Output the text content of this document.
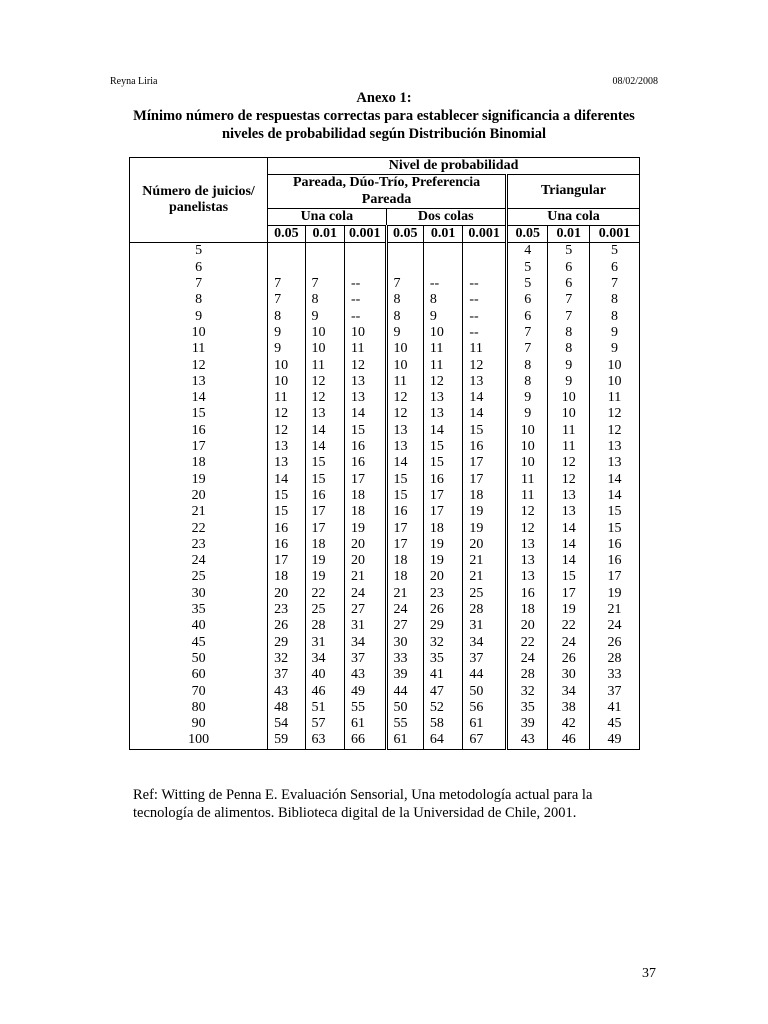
Reyna Liria	08/02/2008
Anexo 1:
Mínimo número de respuestas correctas para establecer significancia a diferentes
niveles de probabilidad según Distribución Binomial
Número de juicios/ panelistas	Nivel de probabilidad								
	Pareada, Dúo-Trío, Preferencia Pareada						Triangular		
	Una cola			Dos colas			Una cola		
	0.05	0.01	0.001	0.05	0.01	0.001	0.05	0.01	0.001
5							4	5	5
6							5	6	6
7	7	7	--	7	--	--	5	6	7
8	7	8	--	8	8	--	6	7	8
9	8	9	--	8	9	--	6	7	8
10	9	10	10	9	10	--	7	8	9
11	9	10	11	10	11	11	7	8	9
12	10	11	12	10	11	12	8	9	10
13	10	12	13	11	12	13	8	9	10
14	11	12	13	12	13	14	9	10	11
15	12	13	14	12	13	14	9	10	12
16	12	14	15	13	14	15	10	11	12
17	13	14	16	13	15	16	10	11	13
18	13	15	16	14	15	17	10	12	13
19	14	15	17	15	16	17	11	12	14
20	15	16	18	15	17	18	11	13	14
21	15	17	18	16	17	19	12	13	15
22	16	17	19	17	18	19	12	14	15
23	16	18	20	17	19	20	13	14	16
24	17	19	20	18	19	21	13	14	16
25	18	19	21	18	20	21	13	15	17
30	20	22	24	21	23	25	16	17	19
35	23	25	27	24	26	28	18	19	21
40	26	28	31	27	29	31	20	22	24
45	29	31	34	30	32	34	22	24	26
50	32	34	37	33	35	37	24	26	28
60	37	40	43	39	41	44	28	30	33
70	43	46	49	44	47	50	32	34	37
80	48	51	55	50	52	56	35	38	41
90	54	57	61	55	58	61	39	42	45
100	59	63	66	61	64	67	43	46	49
Ref: Witting de Penna E. Evaluación Sensorial, Una metodología actual para la
tecnología de alimentos. Biblioteca digital de la Universidad de Chile, 2001.
37
